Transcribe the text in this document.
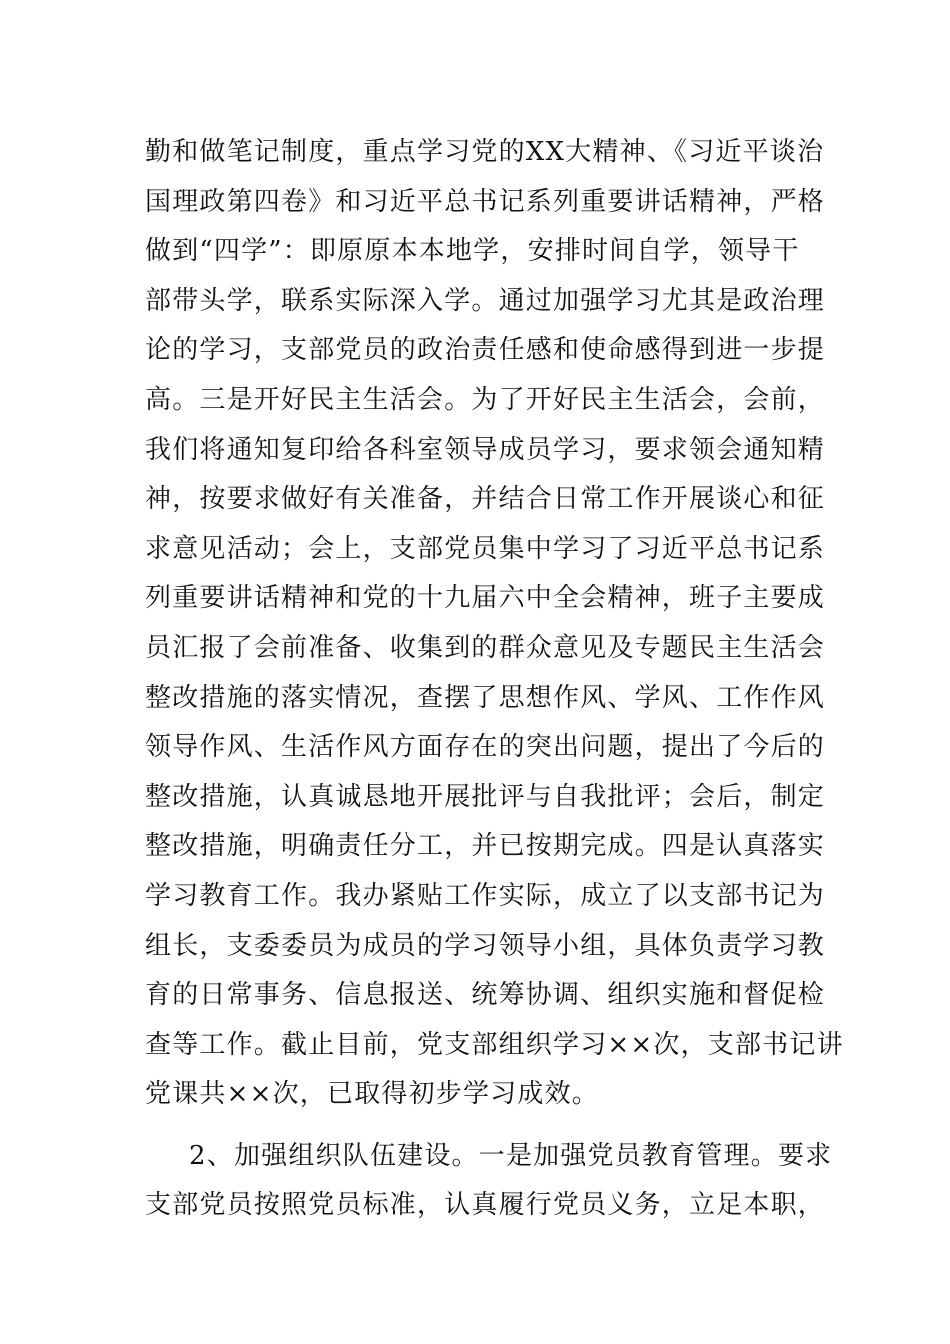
勤和做笔记制度，重点学习党的XX大精神、《习近平谈治
国理政第四卷》和习近平总书记系列重要讲话精神，严格
做到“四学”：即原原本本地学，安排时间自学，领导干
部带头学，联系实际深入学。通过加强学习尤其是政治理
论的学习，支部党员的政治责任感和使命感得到进一步提
高。三是开好民主生活会。为了开好民主生活会，会前，
我们将通知复印给各科室领导成员学习，要求领会通知精
神，按要求做好有关准备，并结合日常工作开展谈心和征
求意见活动；会上，支部党员集中学习了习近平总书记系
列重要讲话精神和党的十九届六中全会精神，班子主要成
员汇报了会前准备、收集到的群众意见及专题民主生活会
整改措施的落实情况，查摆了思想作风、学风、工作作风
领导作风、生活作风方面存在的突出问题，提出了今后的
整改措施，认真诚恳地开展批评与自我批评；会后，制定
整改措施，明确责任分工，并已按期完成。四是认真落实
学习教育工作。我办紧贴工作实际，成立了以支部书记为
组长，支委委员为成员的学习领导小组，具体负责学习教
育的日常事务、信息报送、统筹协调、组织实施和督促检
查等工作。截止目前，党支部组织学习××次，支部书记讲
党课共××次，已取得初步学习成效。
2、加强组织队伍建设。一是加强党员教育管理。要求
支部党员按照党员标准，认真履行党员义务，立足本职，
